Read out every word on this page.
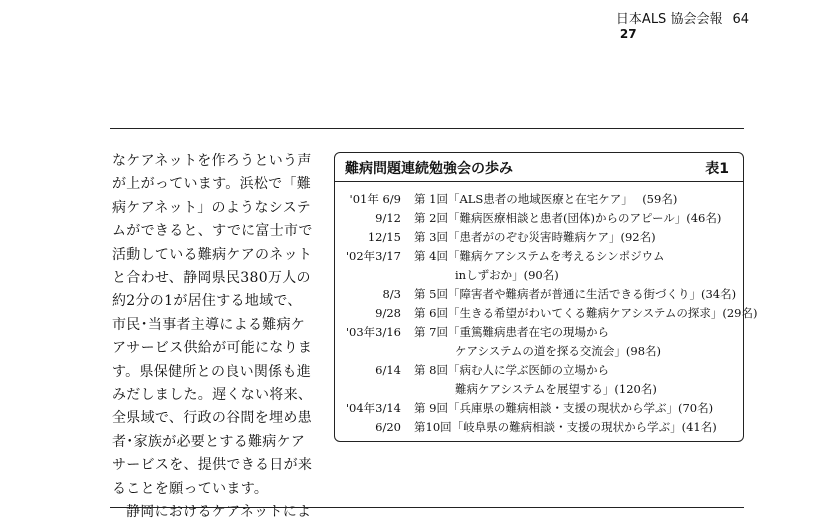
日本ALS 協会会報 64
27
なケアネットを作ろうという声
が上がっています。浜松で「難
病ケアネット」のようなシステ
ムができると、すでに富士市で
活動している難病ケアのネット
と合わせ、静岡県民380万人の
約2分の1が居住する地域で、
市民･当事者主導による難病ケ
アサービス供給が可能になりま
す。県保健所との良い関係も進
みだしました。遅くない将来、
全県域で、行政の谷間を埋め患
者･家族が必要とする難病ケア
サービスを、提供できる日が来
ることを願っています。
静岡におけるケアネットによ
難病問題連続勉強会の歩み	表1
'01年 6/9 第 1回「ALS患者の地域医療と在宅ケア」　 (59名)
9/12 第 2回「難病医療相談と患者(団体)からのアピール」(46名)
12/15 第 3回「患者がのぞむ災害時難病ケア」(92名)
'02年3/17 第 4回「難病ケアシステムを考えるシンポジウム
inしずおか」(90名)
8/3 第 5回「障害者や難病者が普通に生活できる街づくり」(34名)
9/28 第 6回「生きる希望がわいてくる難病ケアシステムの探求」(29名)
'03年3/16 第 7回「重篤難病患者在宅の現場から
ケアシステムの道を探る交流会」(98名)
6/14 第 8回「病む人に学ぶ医師の立場から
難病ケアシステムを展望する」(120名)
'04年3/14 第 9回「兵庫県の難病相談・支援の現状から学ぶ」(70名)
6/20 第10回「岐阜県の難病相談・支援の現状から学ぶ」(41名)
